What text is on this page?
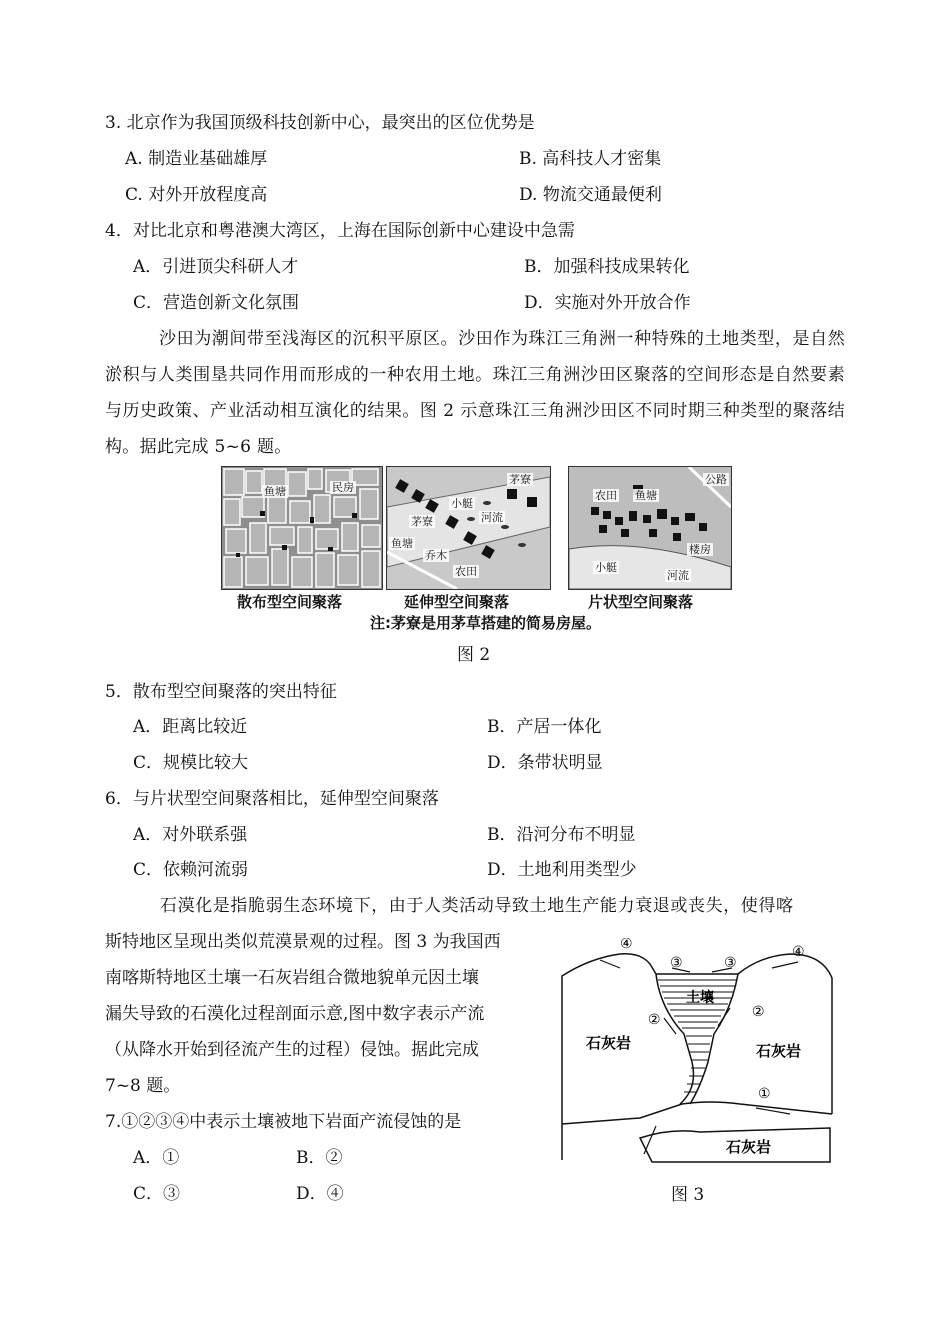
3. 北京作为我国顶级科技创新中心，最突出的区位优势是
A. 制造业基础雄厚	B. 高科技人才密集
C. 对外开放程度高	D. 物流交通最便利
4．对比北京和粤港澳大湾区，上海在国际创新中心建设中急需
A．引进顶尖科研人才	B．加强科技成果转化
C．营造创新文化氛围	D．实施对外开放合作
沙田为潮间带至浅海区的沉积平原区。沙田作为珠江三角洲一种特殊的土地类型，是自然淤积与人类围垦共同作用而形成的一种农用土地。珠江三角洲沙田区聚落的空间形态是自然要素与历史政策、产业活动相互演化的结果。图 2 示意珠江三角洲沙田区不同时期三种类型的聚落结构。据此完成 5~6 题。
鱼塘	民房
茅寮
小艇
河流
茅寮
鱼塘
乔木
农田
农田 鱼塘
公路
楼房
小艇
河流
散布型空间聚落	延伸型空间聚落	片状型空间聚落
注:茅寮是用茅草搭建的简易房屋。
图 2
5．散布型空间聚落的突出特征
A．距离比较近	B．产居一体化
C．规模比较大	D．条带状明显
6．与片状型空间聚落相比，延伸型空间聚落
A．对外联系强	B．沿河分布不明显
C．依赖河流弱	D．土地利用类型少
石漠化是指脆弱生态环境下，由于人类活动导致土地生产能力衰退或丧失，使得喀
斯特地区呈现出类似荒漠景观的过程。图 3 为我国西
南喀斯特地区土壤一石灰岩组合微地貌单元因土壤
漏失导致的石漠化过程剖面示意,图中数字表示产流
（从降水开始到径流产生的过程）侵蚀。据此完成
7~8 题。
7.①②③④中表示土壤被地下岩面产流侵蚀的是
A．①	B．②
C．③	D．④
④
③	③
④
②	②
①
土壤
石灰岩	石灰岩
石灰岩
图 3
